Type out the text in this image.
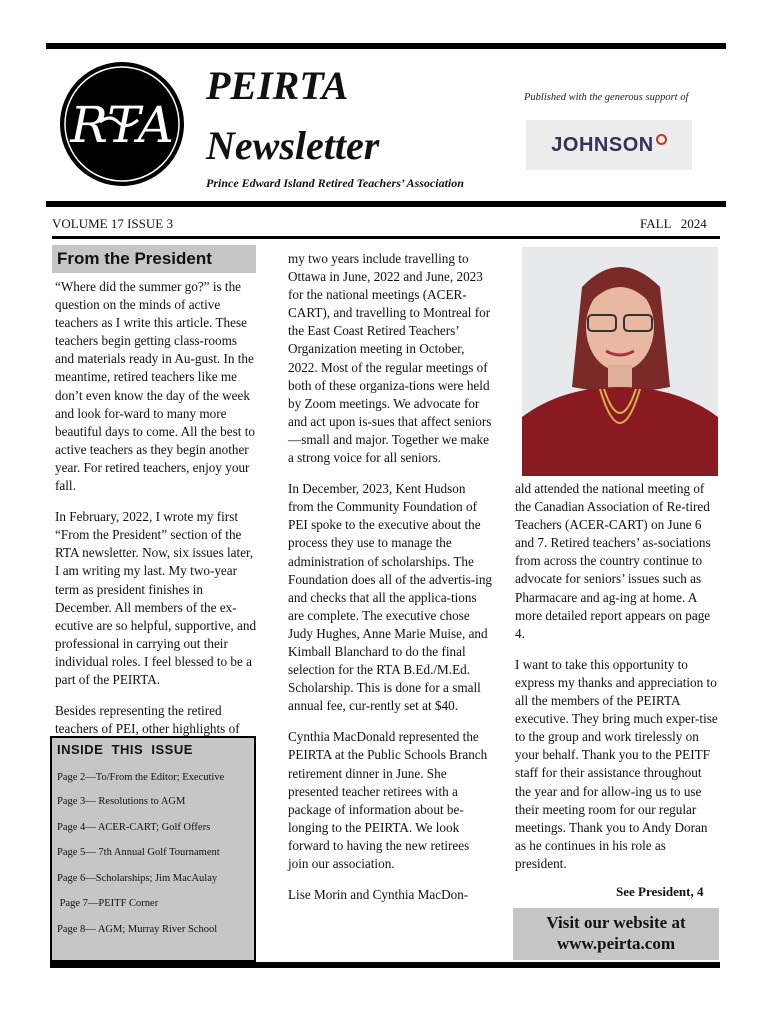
RTA
PEIRTA
Newsletter
Prince Edward Island Retired Teachers’ Association
Published with the generous support of
JOHNSON
VOLUME 17 ISSUE 3	FALL   2024
From the President

“Where did the summer go?” is the question on the minds of active teachers as I write this article. These teachers begin getting class-rooms and materials ready in Au-gust. In the meantime, retired teachers like me don’t even know the day of the week and look for-ward to many more beautiful days to come. All the best to active teachers as they begin another year. For retired teachers, enjoy your fall.

In February, 2022, I wrote my first “From the President” section of the RTA newsletter. Now, six issues later, I am writing my last. My two-year term as president finishes in December. All members of the ex-ecutive are so helpful, supportive, and professional in carrying out their individual roles. I feel blessed to be a part of the PEIRTA.

Besides representing the retired teachers of PEI, other highlights of

INSIDE  THIS  ISSUE
Page 2—To/From the Editor; Executive
Page 3— Resolutions to AGM
Page 4— ACER-CART; Golf Offers
Page 5— 7th Annual Golf Tournament
Page 6—Scholarships; Jim MacAulay
Page 7—PEITF Corner
Page 8— AGM; Murray River School

my two years include travelling to Ottawa in June, 2022 and June, 2023 for the national meetings (ACER-CART), and travelling to Montreal for the East Coast Retired Teachers’ Organization meeting in October, 2022. Most of the regular meetings of both of these organiza-tions were held by Zoom meetings. We advocate for and act upon is-sues that affect seniors—small and major. Together we make a strong voice for all seniors.

In December, 2023, Kent Hudson from the Community Foundation of PEI spoke to the executive about the process they use to manage the administration of scholarships. The Foundation does all of the advertis-ing and checks that all the applica-tions are complete. The executive chose Judy Hughes, Anne Marie Muise, and Kimball Blanchard to do the final selection for the RTA B.Ed./M.Ed. Scholarship. This is done for a small annual fee, cur-rently set at $40.

Cynthia MacDonald represented the PEIRTA at the Public Schools Branch retirement dinner in June. She presented teacher retirees with a package of information about be-longing to the PEIRTA. We look forward to having the new retirees join our association.

Lise Morin and Cynthia MacDon-

ald attended the national meeting of the Canadian Association of Re-tired Teachers (ACER-CART) on June 6 and 7. Retired teachers’ as-sociations from across the country continue to advocate for seniors’ issues such as Pharmacare and ag-ing at home. A more detailed report appears on page 4.

I want to take this opportunity to express my thanks and appreciation to all the members of the PEIRTA executive. They bring much exper-tise to the group and work tirelessly on your behalf. Thank you to the PEITF staff for their assistance throughout the year and for allow-ing us to use their meeting room for our regular meetings. Thank you to Andy Doran as he continues in his role as president.

See President, 4
Visit our website at
www.peirta.com
